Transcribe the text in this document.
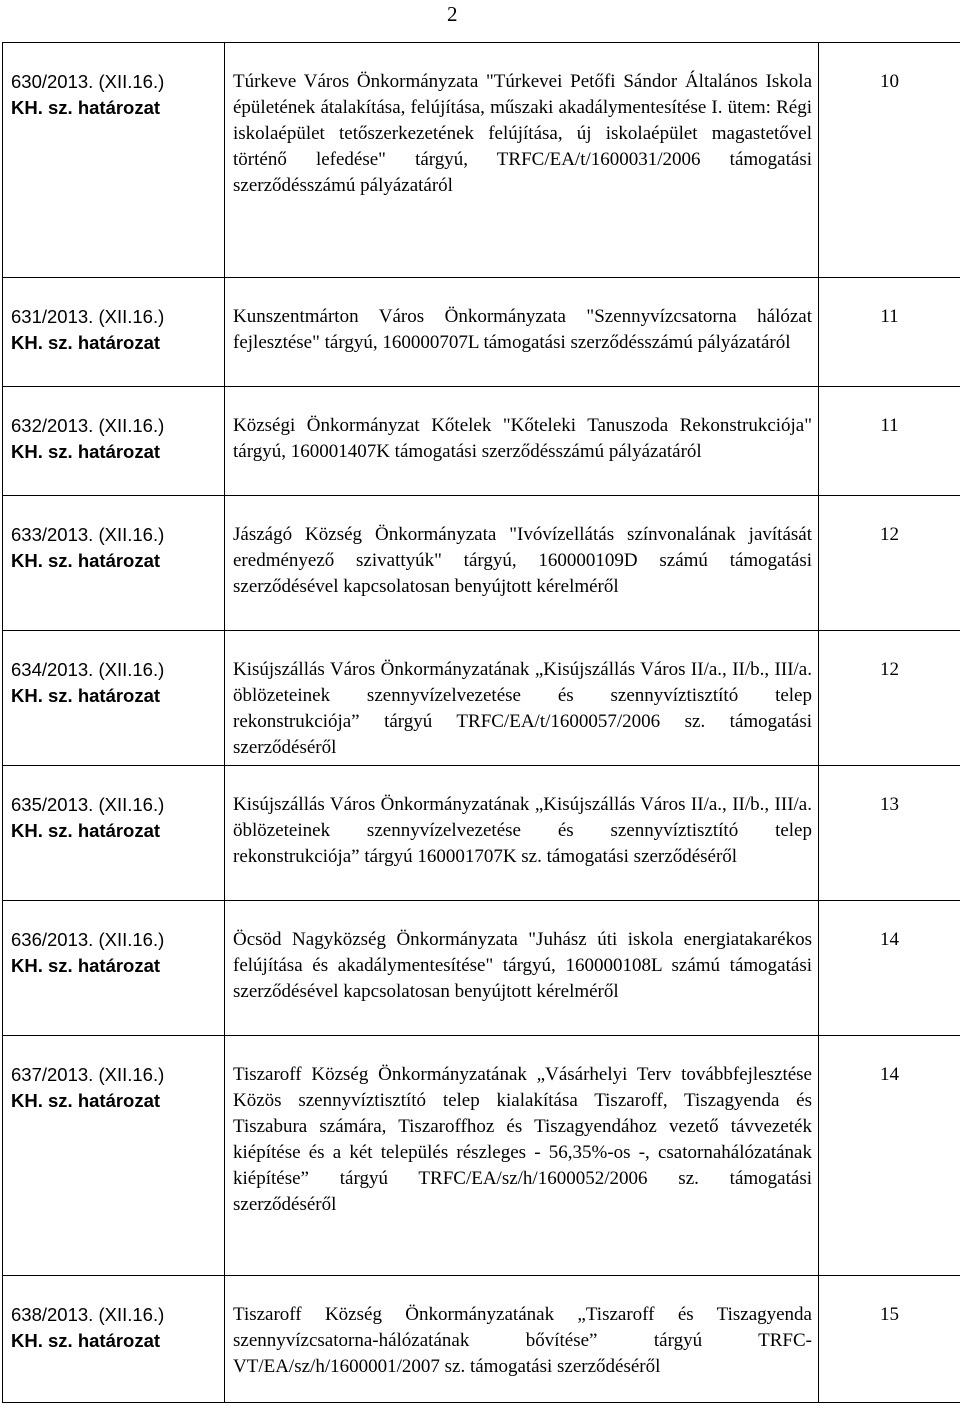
2
630/2013. (XII.16.)
KH. sz. határozat	Túrkeve Város Önkormányzata "Túrkevei Petőfi Sándor Általános Iskola épületének átalakítása, felújítása, műszaki akadálymentesítése I. ütem: Régi iskolaépület tetőszerkezetének felújítása, új iskolaépület magastetővel történő lefedése" tárgyú, TRFC/EA/t/1600031/2006 támogatási szerződésszámú pályázatáról	10

631/2013. (XII.16.)
KH. sz. határozat	Kunszentmárton Város Önkormányzata "Szennyvízcsatorna hálózat fejlesztése" tárgyú, 160000707L támogatási szerződésszámú pályázatáról	11

632/2013. (XII.16.)
KH. sz. határozat	Községi Önkormányzat Kőtelek "Kőteleki Tanuszoda Rekonstrukciója" tárgyú, 160001407K támogatási szerződésszámú pályázatáról	11

633/2013. (XII.16.)
KH. sz. határozat	Jászágó Község Önkormányzata "Ivóvízellátás színvonalának javítását eredményező szivattyúk" tárgyú, 160000109D számú támogatási szerződésével kapcsolatosan benyújtott kérelméről	12

634/2013. (XII.16.)
KH. sz. határozat	Kisújszállás Város Önkormányzatának „Kisújszállás Város II/a., II/b., III/a. öblözeteinek szennyvízelvezetése és szennyvíztisztító telep rekonstrukciója” tárgyú TRFC/EA/t/1600057/2006 sz. támogatási szerződéséről	12

635/2013. (XII.16.)
KH. sz. határozat	Kisújszállás Város Önkormányzatának „Kisújszállás Város II/a., II/b., III/a. öblözeteinek szennyvízelvezetése és szennyvíztisztító telep rekonstrukciója” tárgyú 160001707K sz. támogatási szerződéséről	13

636/2013. (XII.16.)
KH. sz. határozat	Öcsöd Nagyközség Önkormányzata "Juhász úti iskola energiatakarékos felújítása és akadálymentesítése" tárgyú, 160000108L számú támogatási szerződésével kapcsolatosan benyújtott kérelméről	14

637/2013. (XII.16.)
KH. sz. határozat	Tiszaroff Község Önkormányzatának „Vásárhelyi Terv továbbfejlesztése Közös szennyvíztisztító telep kialakítása Tiszaroff, Tiszagyenda és Tiszabura számára, Tiszaroffhoz és Tiszagyendához vezető távvezeték kiépítése és a két település részleges - 56,35%-os -, csatornahálózatának kiépítése” tárgyú TRFC/EA/sz/h/1600052/2006 sz. támogatási szerződéséről	14

638/2013. (XII.16.)
KH. sz. határozat	Tiszaroff Község Önkormányzatának „Tiszaroff és Tiszagyenda szennyvízcsatorna-hálózatának bővítése” tárgyú TRFC-VT/EA/sz/h/1600001/2007 sz. támogatási szerződéséről	15
